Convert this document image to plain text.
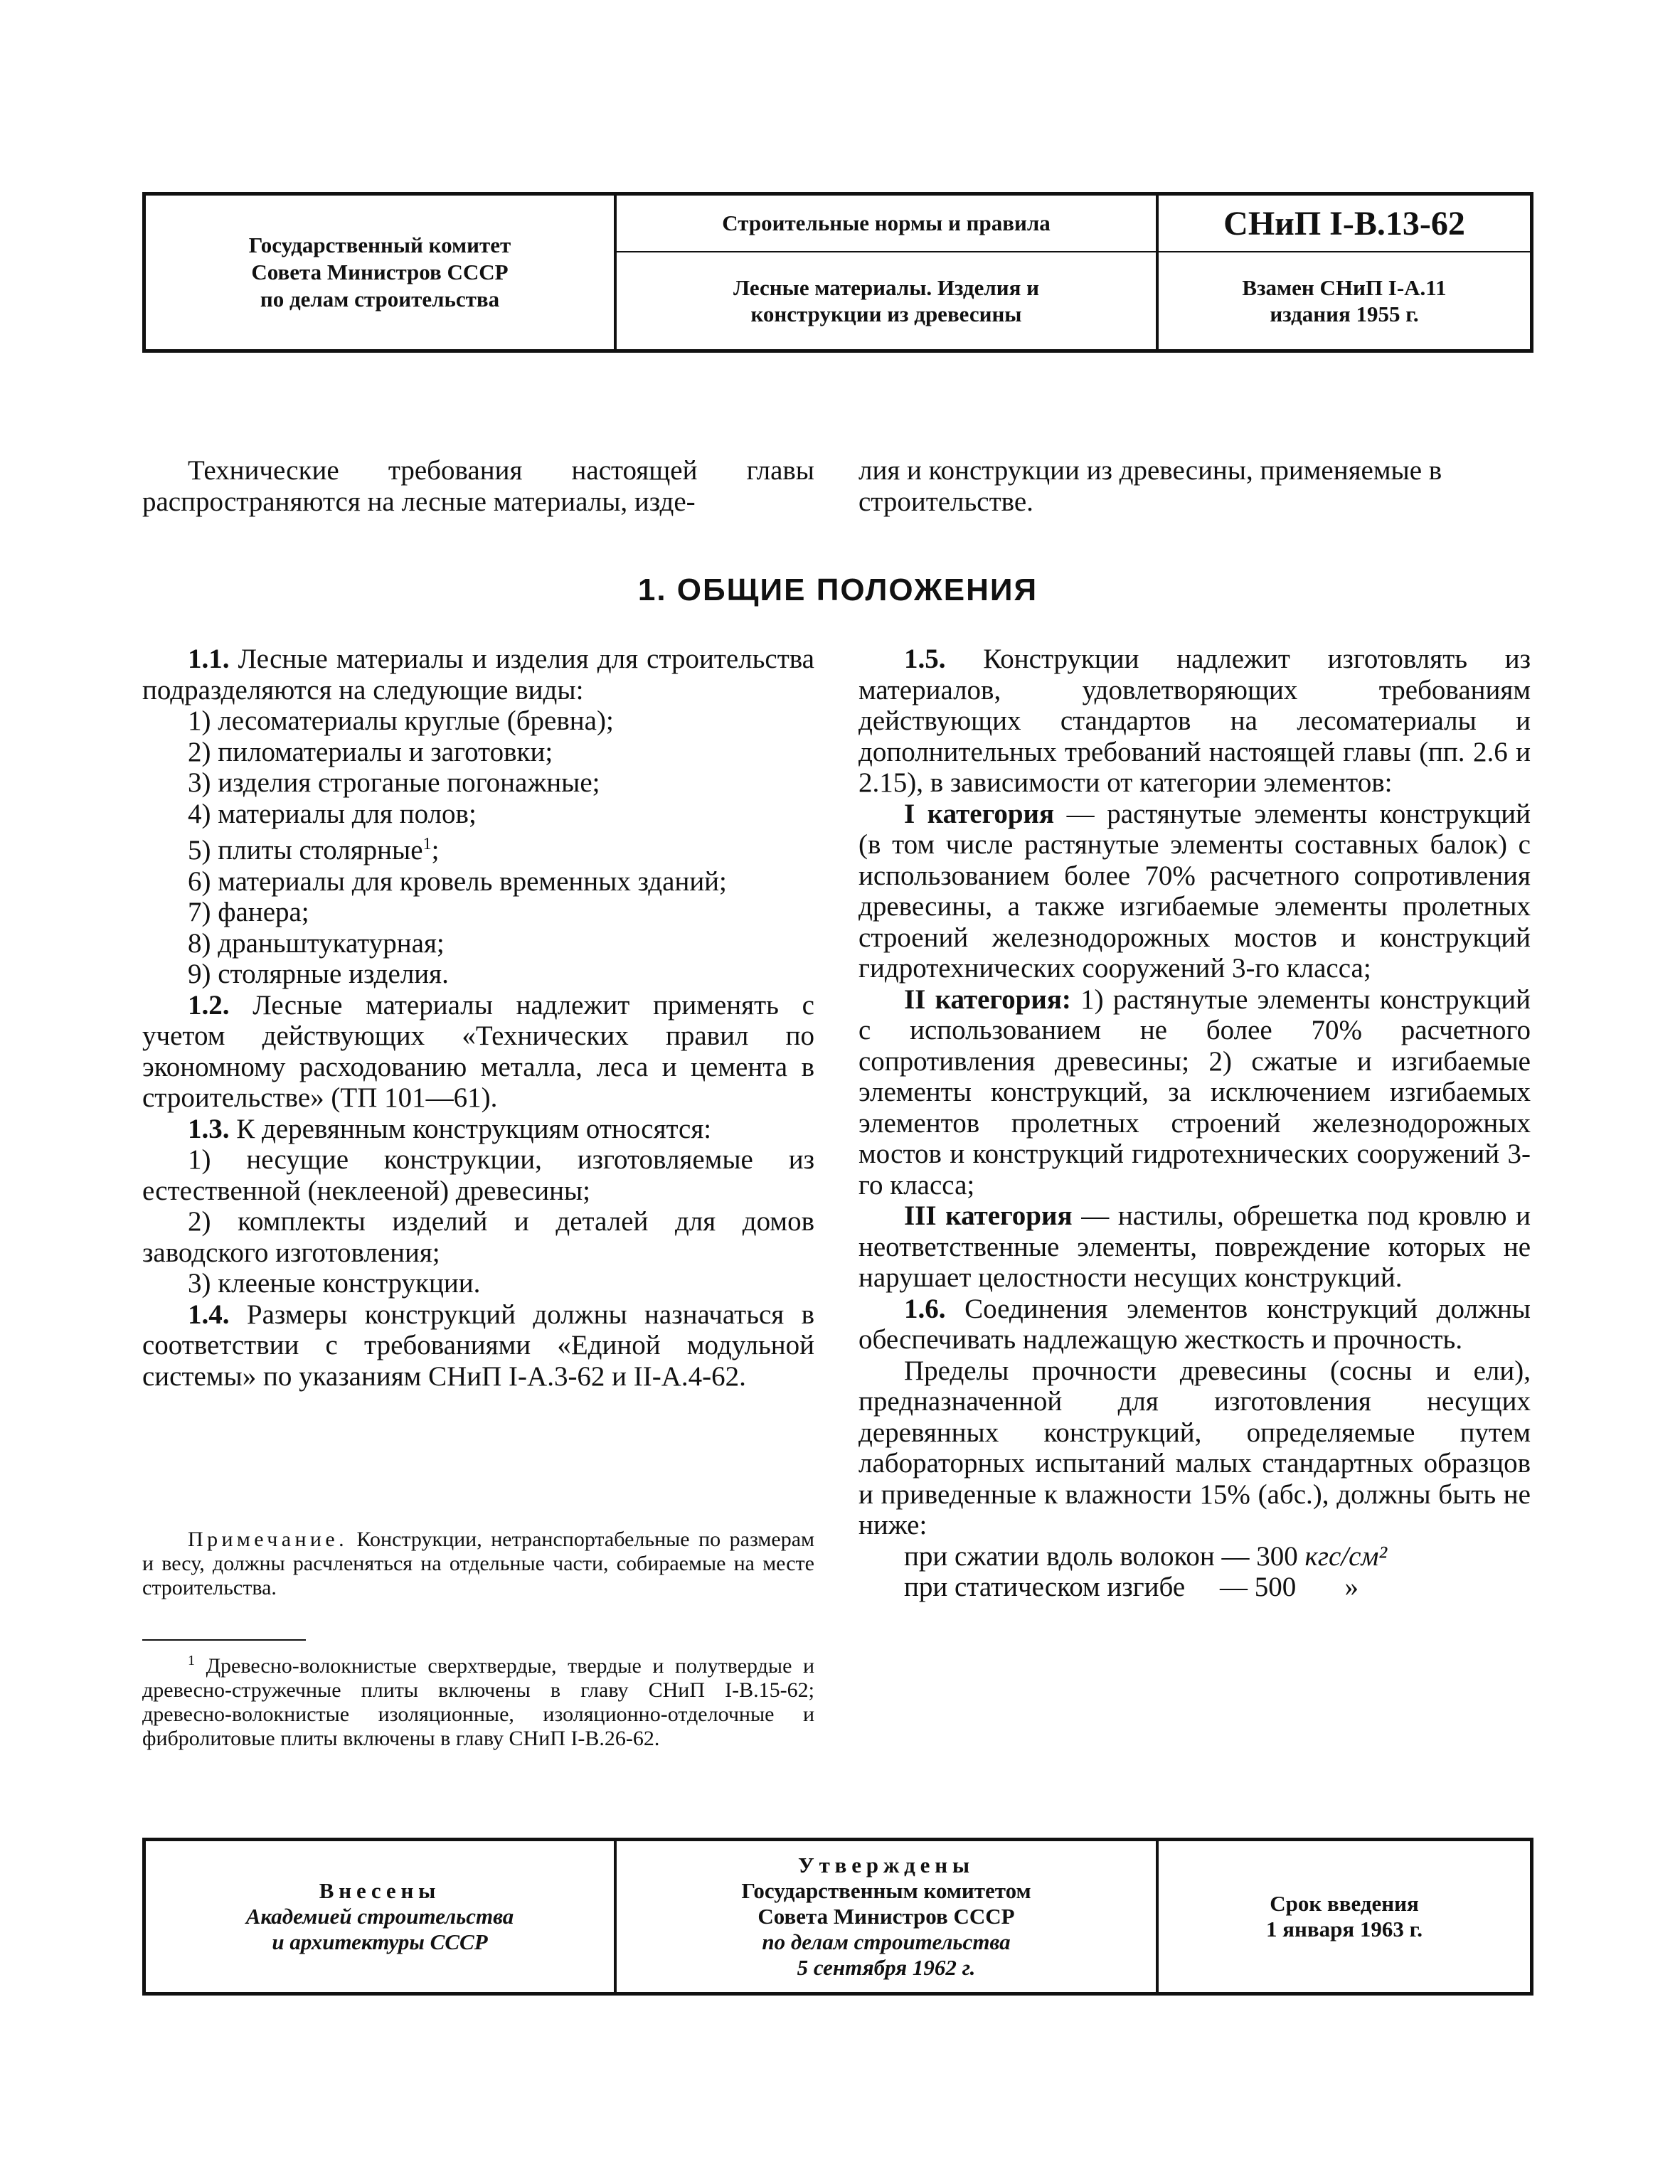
Государственный комитет
Совета Министров СССР
по делам строительства
Строительные нормы и правила
Лесные материалы. Изделия и
конструкции из древесины
СНиП I-В.13-62
Взамен СНиП I-А.11
издания 1955 г.

Технические требования настоящей главы распространяются на лесные материалы, изде-

лия и конструкции из древесины, применяемые в строительстве.

1. ОБЩИЕ ПОЛОЖЕНИЯ

1.1. Лесные материалы и изделия для строительства подразделяются на следующие виды:

1) лесоматериалы круглые (бревна);

2) пиломатериалы и заготовки;

3) изделия строганые погонажные;

4) материалы для полов;

5) плиты столярные$^1$;

6) материалы для кровель временных зданий;

7) фанера;

8) драньштукатурная;

9) столярные изделия.

1.2. Лесные материалы надлежит применять с учетом действующих «Технических правил по экономному расходованию металла, леса и цемента в строительстве» (ТП 101—61).

1.3. К деревянным конструкциям относятся:

1) несущие конструкции, изготовляемые из естественной (неклееной) древесины;

2) комплекты изделий и деталей для домов заводского изготовления;

3) клееные конструкции.

1.4. Размеры конструкций должны назначаться в соответствии с требованиями «Единой модульной системы» по указаниям СНиП I-А.3-62 и II-А.4-62.

Примечание. Конструкции, нетранспортабельные по размерам и весу, должны расчленяться на отдельные части, собираемые на месте строительства.

$^1$ Древесно-волокнистые сверхтвердые, твердые и полутвердые и древесно-стружечные плиты включены в главу СНиП I-В.15-62; древесно-волокнистые изоляционные, изоляционно-отделочные и фибролитовые плиты включены в главу СНиП I-В.26-62.

1.5. Конструкции надлежит изготовлять из материалов, удовлетворяющих требованиям действующих стандартов на лесоматериалы и дополнительных требований настоящей главы (пп. 2.6 и 2.15), в зависимости от категории элементов:

I категория — растянутые элементы конструкций (в том числе растянутые элементы составных балок) с использованием более 70% расчетного сопротивления древесины, а также изгибаемые элементы пролетных строений железнодорожных мостов и конструкций гидротехнических сооружений 3-го класса;

II категория: 1) растянутые элементы конструкций с использованием не более 70% расчетного сопротивления древесины; 2) сжатые и изгибаемые элементы конструкций, за исключением изгибаемых элементов пролетных строений железнодорожных мостов и конструкций гидротехнических сооружений 3-го класса;

III категория — настилы, обрешетка под кровлю и неответственные элементы, повреждение которых не нарушает целостности несущих конструкций.

1.6. Соединения элементов конструкций должны обеспечивать надлежащую жесткость и прочность.

Пределы прочности древесины (сосны и ели), предназначенной для изготовления несущих деревянных конструкций, определяемые путем лабораторных испытаний малых стандартных образцов и приведенные к влажности 15% (абс.), должны быть не ниже:

при сжатии вдоль волокон — 300 кгс/см²

при статическом изгибе — 500 »

Внесены
Академией строительства
и архитектуры СССР
Утверждены
Государственным комитетом
Совета Министров СССР
по делам строительства
5 сентября 1962 г.
Срок введения
1 января 1963 г.
